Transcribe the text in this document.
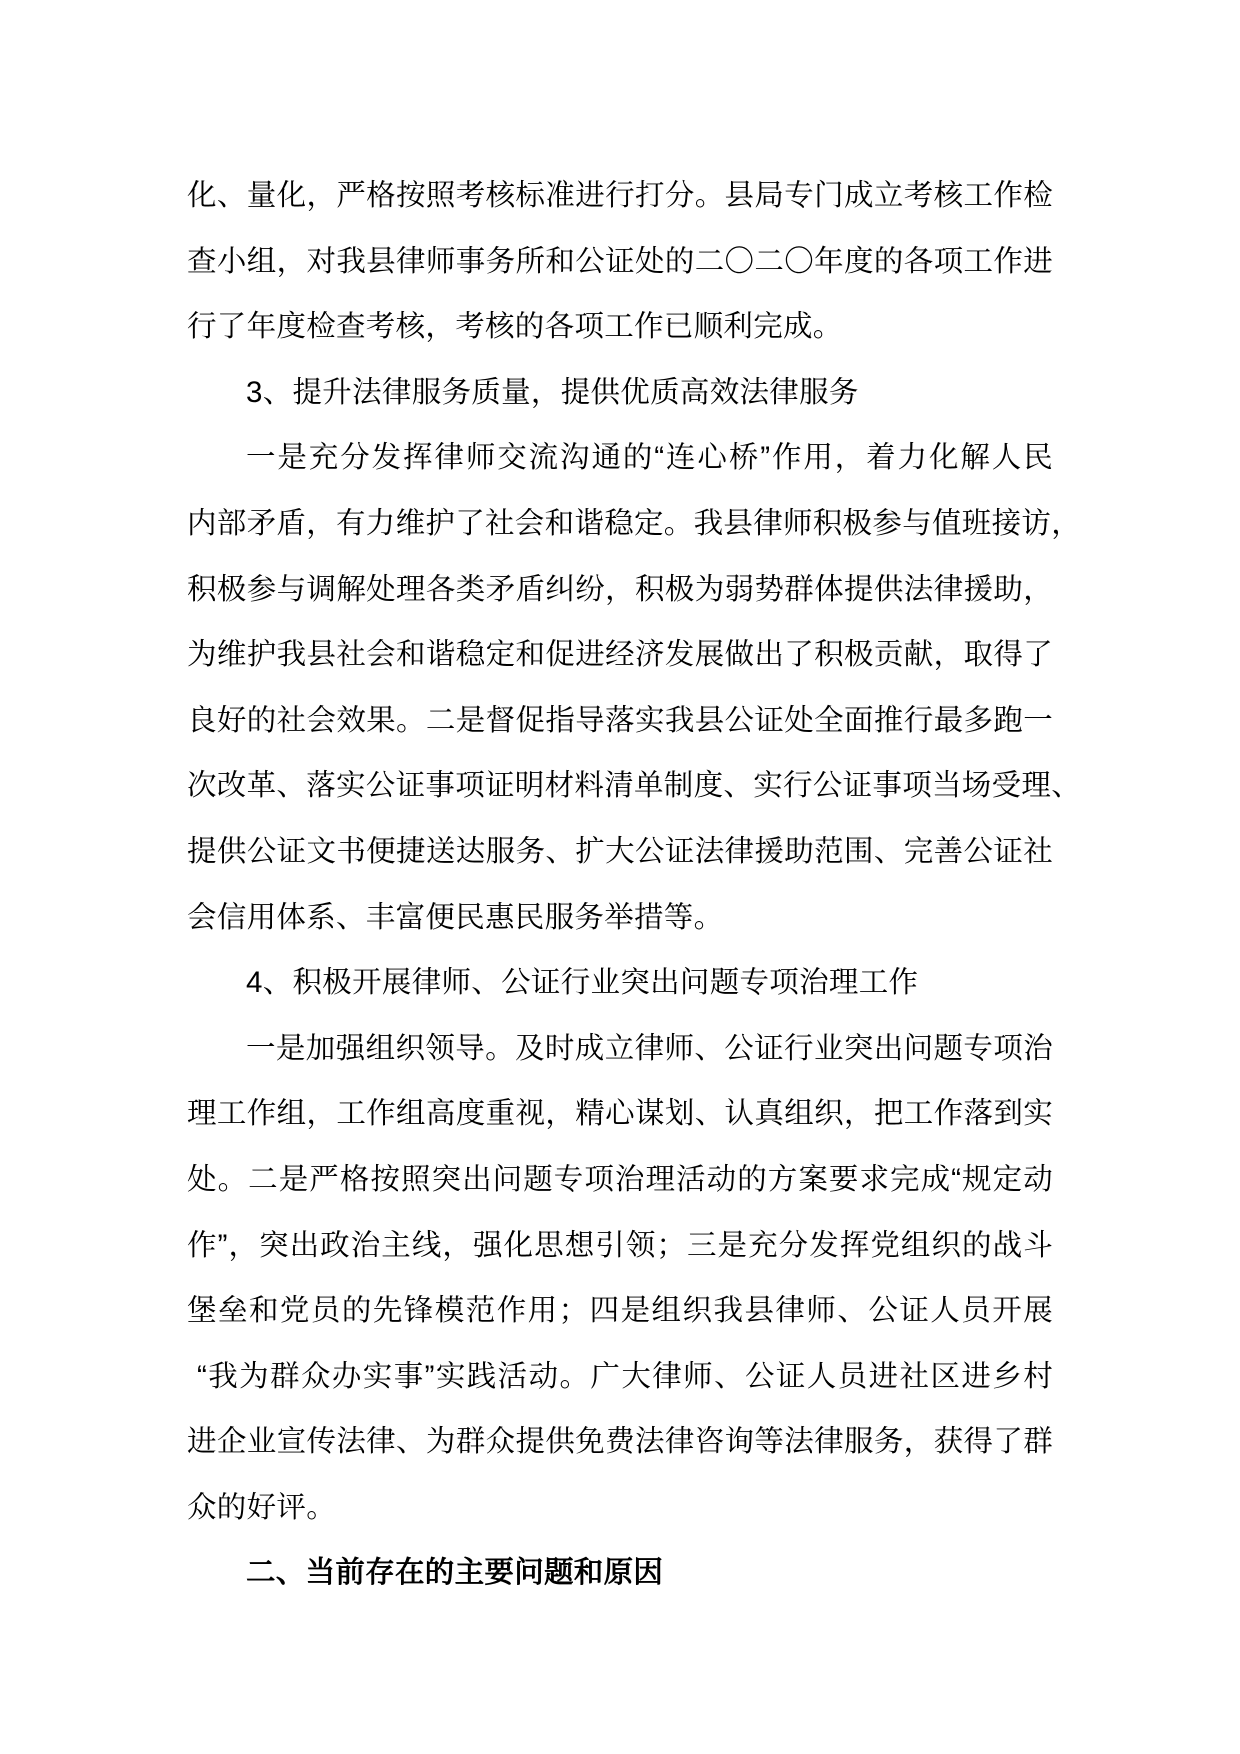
化、量化，严格按照考核标准进行打分。县局专门成立考核工作检
查小组，对我县律师事务所和公证处的二〇二〇年度的各项工作进
行了年度检查考核，考核的各项工作已顺利完成。
3、提升法律服务质量，提供优质高效法律服务
一是充分发挥律师交流沟通的“连心桥”作用，着力化解人民
内部矛盾，有力维护了社会和谐稳定。我县律师积极参与值班接访，
积极参与调解处理各类矛盾纠纷，积极为弱势群体提供法律援助，
为维护我县社会和谐稳定和促进经济发展做出了积极贡献，取得了
良好的社会效果。二是督促指导落实我县公证处全面推行最多跑一
次改革、落实公证事项证明材料清单制度、实行公证事项当场受理、
提供公证文书便捷送达服务、扩大公证法律援助范围、完善公证社
会信用体系、丰富便民惠民服务举措等。
4、积极开展律师、公证行业突出问题专项治理工作
一是加强组织领导。及时成立律师、公证行业突出问题专项治
理工作组，工作组高度重视，精心谋划、认真组织，把工作落到实
处。二是严格按照突出问题专项治理活动的方案要求完成“规定动
作”，突出政治主线，强化思想引领；三是充分发挥党组织的战斗
堡垒和党员的先锋模范作用；四是组织我县律师、公证人员开展
“我为群众办实事”实践活动。广大律师、公证人员进社区进乡村
进企业宣传法律、为群众提供免费法律咨询等法律服务，获得了群
众的好评。
二、当前存在的主要问题和原因
